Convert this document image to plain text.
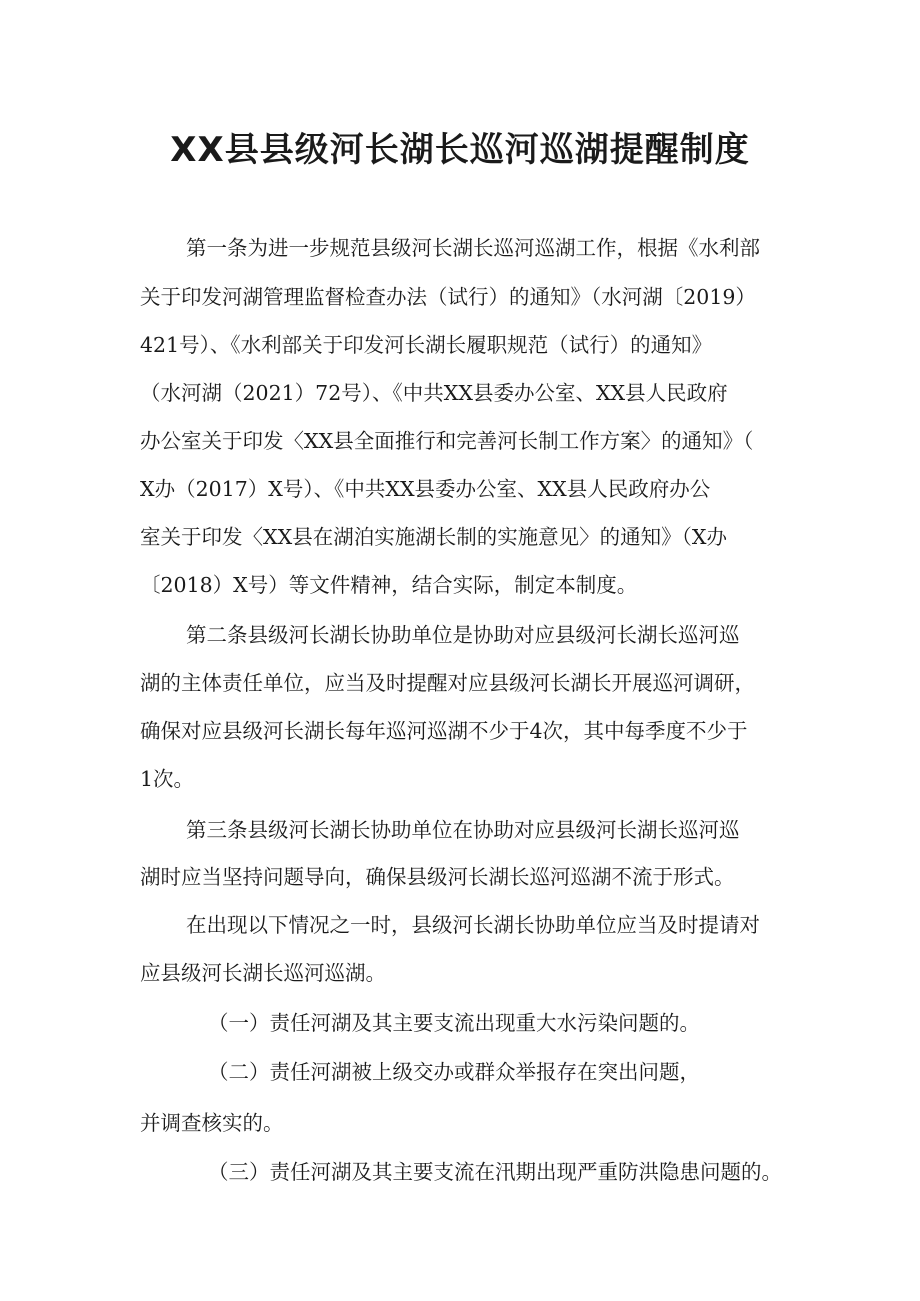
XX县县级河长湖长巡河巡湖提醒制度

第一条为进一步规范县级河长湖长巡河巡湖工作，根据《水利部

关于印发河湖管理监督检查办法（试行）的通知》（水河湖〔2019）

421号）、《水利部关于印发河长湖长履职规范（试行）的通知》

（水河湖（2021）72号）、《中共XX县委办公室、XX县人民政府

办公室关于印发〈XX县全面推行和完善河长制工作方案〉的通知》（

X办（2017）X号）、《中共XX县委办公室、XX县人民政府办公

室关于印发〈XX县在湖泊实施湖长制的实施意见〉的通知》（X办

〔2018）X号）等文件精神，结合实际，制定本制度。

第二条县级河长湖长协助单位是协助对应县级河长湖长巡河巡

湖的主体责任单位，应当及时提醒对应县级河长湖长开展巡河调研，

确保对应县级河长湖长每年巡河巡湖不少于4次，其中每季度不少于

1次。

第三条县级河长湖长协助单位在协助对应县级河长湖长巡河巡

湖时应当坚持问题导向，确保县级河长湖长巡河巡湖不流于形式。

在出现以下情况之一时，县级河长湖长协助单位应当及时提请对

应县级河长湖长巡河巡湖。

（一）责任河湖及其主要支流出现重大水污染问题的。

（二）责任河湖被上级交办或群众举报存在突出问题，

并调查核实的。

（三）责任河湖及其主要支流在汛期出现严重防洪隐患问题的。
